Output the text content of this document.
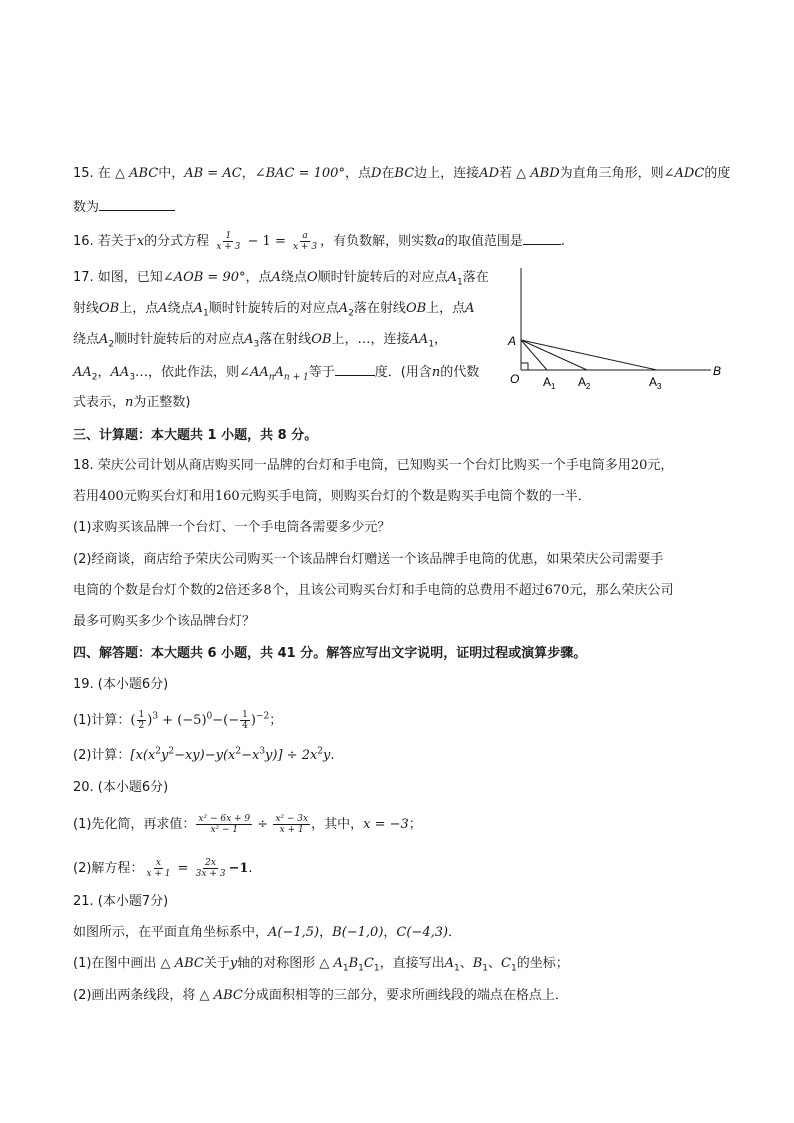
15. 在 △ ABC中，AB = AC，∠BAC = 100°，点D在BC边上，连接AD若 △ ABD为直角三角形，则∠ADC的度
数为
16. 若关于x的分式方程 $\frac{1}{x + 3} - 1 = \frac{a}{x + 3}$ ，有负数解，则实数a的取值范围是	.
17. 如图，已知∠AOB = 90°，点A绕点O顺时针旋转后的对应点$A_1$落在
射线OB上，点A绕点$A_1$顺时针旋转后的对应点$A_2$落在射线OB上，点A
绕点$A_2$顺时针旋转后的对应点$A_3$落在射线OB上，…，连接$AA_1$，
$AA_2$，$AA_3\dots$，依此作法，则$\angle AA_nA_{n + 1}$等于	度．(用含n的代数
式表示，n为正整数)
A
O $A_1$ $A_2$	$A_3$
B
三、计算题：本大题共 1 小题，共 8 分。
18. 荣庆公司计划从商店购买同一品牌的台灯和手电筒，已知购买一个台灯比购买一个手电筒多用20元，
若用400元购买台灯和用160元购买手电筒，则购买台灯的个数是购买手电筒个数的一半．
(1)求购买该品牌一个台灯、一个手电筒各需要多少元？
(2)经商谈，商店给予荣庆公司购买一个该品牌台灯赠送一个该品牌手电筒的优惠，如果荣庆公司需要手
电筒的个数是台灯个数的2倍还多8个，且该公司购买台灯和手电筒的总费用不超过670元，那么荣庆公司
最多可购买多少个该品牌台灯？
四、解答题：本大题共 6 小题，共 41 分。解答应写出文字说明，证明过程或演算步骤。
19. (本小题6分)
(1)计算：( $\frac{1}{2} )^3 + (-5)^0-(- \frac{1}{4} )^{-2}$；
(2)计算：$[x(x^2y^2-xy)-y(x^2-x^3y)] \div 2x^2y$.
20. (本小题6分)
(1)先化简，再求值： $\frac{\text{x² − 6x + 9}}{\text{x² − 1}} \div \frac{\text{x² − 3x}}{x + 1}$ ，其中，x = −3；
(2)解方程： $\frac{x}{x + 1} = \frac{2x}{3x + 3} -1$.
21. (本小题7分)
如图所示，在平面直角坐标系中，A(−1,5)，B(−1,0)，C(−4,3)．
(1)在图中画出 △ ABC关于y轴的对称图形 △ $A_1B_1C_1$，直接写出$A_1$、$B_1$、$C_1$的坐标；
(2)画出两条线段，将 △ ABC分成面积相等的三部分，要求所画线段的端点在格点上．
